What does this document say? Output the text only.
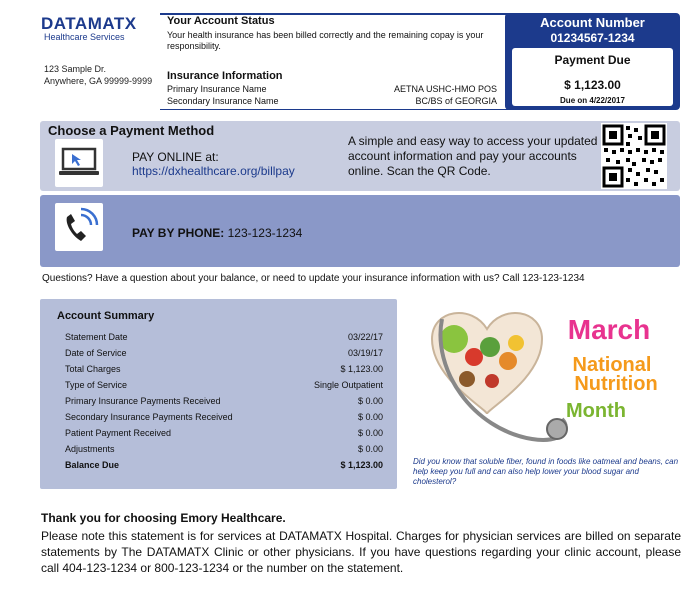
DATAMATX
Healthcare Services
123 Sample Dr.
Anywhere, GA 99999-9999
Your Account Status
Your health insurance has been billed correctly and the remaining copay is your responsibility.
Insurance Information
Primary Insurance Name	AETNA USHC-HMO POS
Secondary Insurance Name	BC/BS of GEORGIA
Account Number
01234567-1234
Payment Due
$ 1,123.00
Due on 4/22/2017
Choose a Payment Method
PAY ONLINE at:
https://dxhealthcare.org/billpay
A simple and easy way to access your updated account information and pay your accounts online. Scan the QR Code.
PAY BY PHONE: 123-123-1234
Questions? Have a question about your balance, or need to update your insurance information with us? Call 123-123-1234
Account Summary
Statement Date	03/22/17
Date of Service	03/19/17
Total Charges	$ 1,123.00
Type of Service	Single Outpatient
Primary Insurance Payments Received	$ 0.00
Secondary Insurance Payments Received	$ 0.00
Patient Payment Received	$ 0.00
Adjustments	$ 0.00
Balance Due	$ 1,123.00
March
National
Nutrition
Month
Did you know that soluble fiber, found in foods like oatmeal and beans, can help keep you full and can also help lower your blood sugar and cholesterol?
Thank you for choosing Emory Healthcare.
Please note this statement is for services at DATAMATX Hospital. Charges for physician services are billed on separate statements by The DATAMATX Clinic or other physicians. If you have questions regarding your clinic account, please call 404-123-1234 or 800-123-1234 or the number on the statement.
